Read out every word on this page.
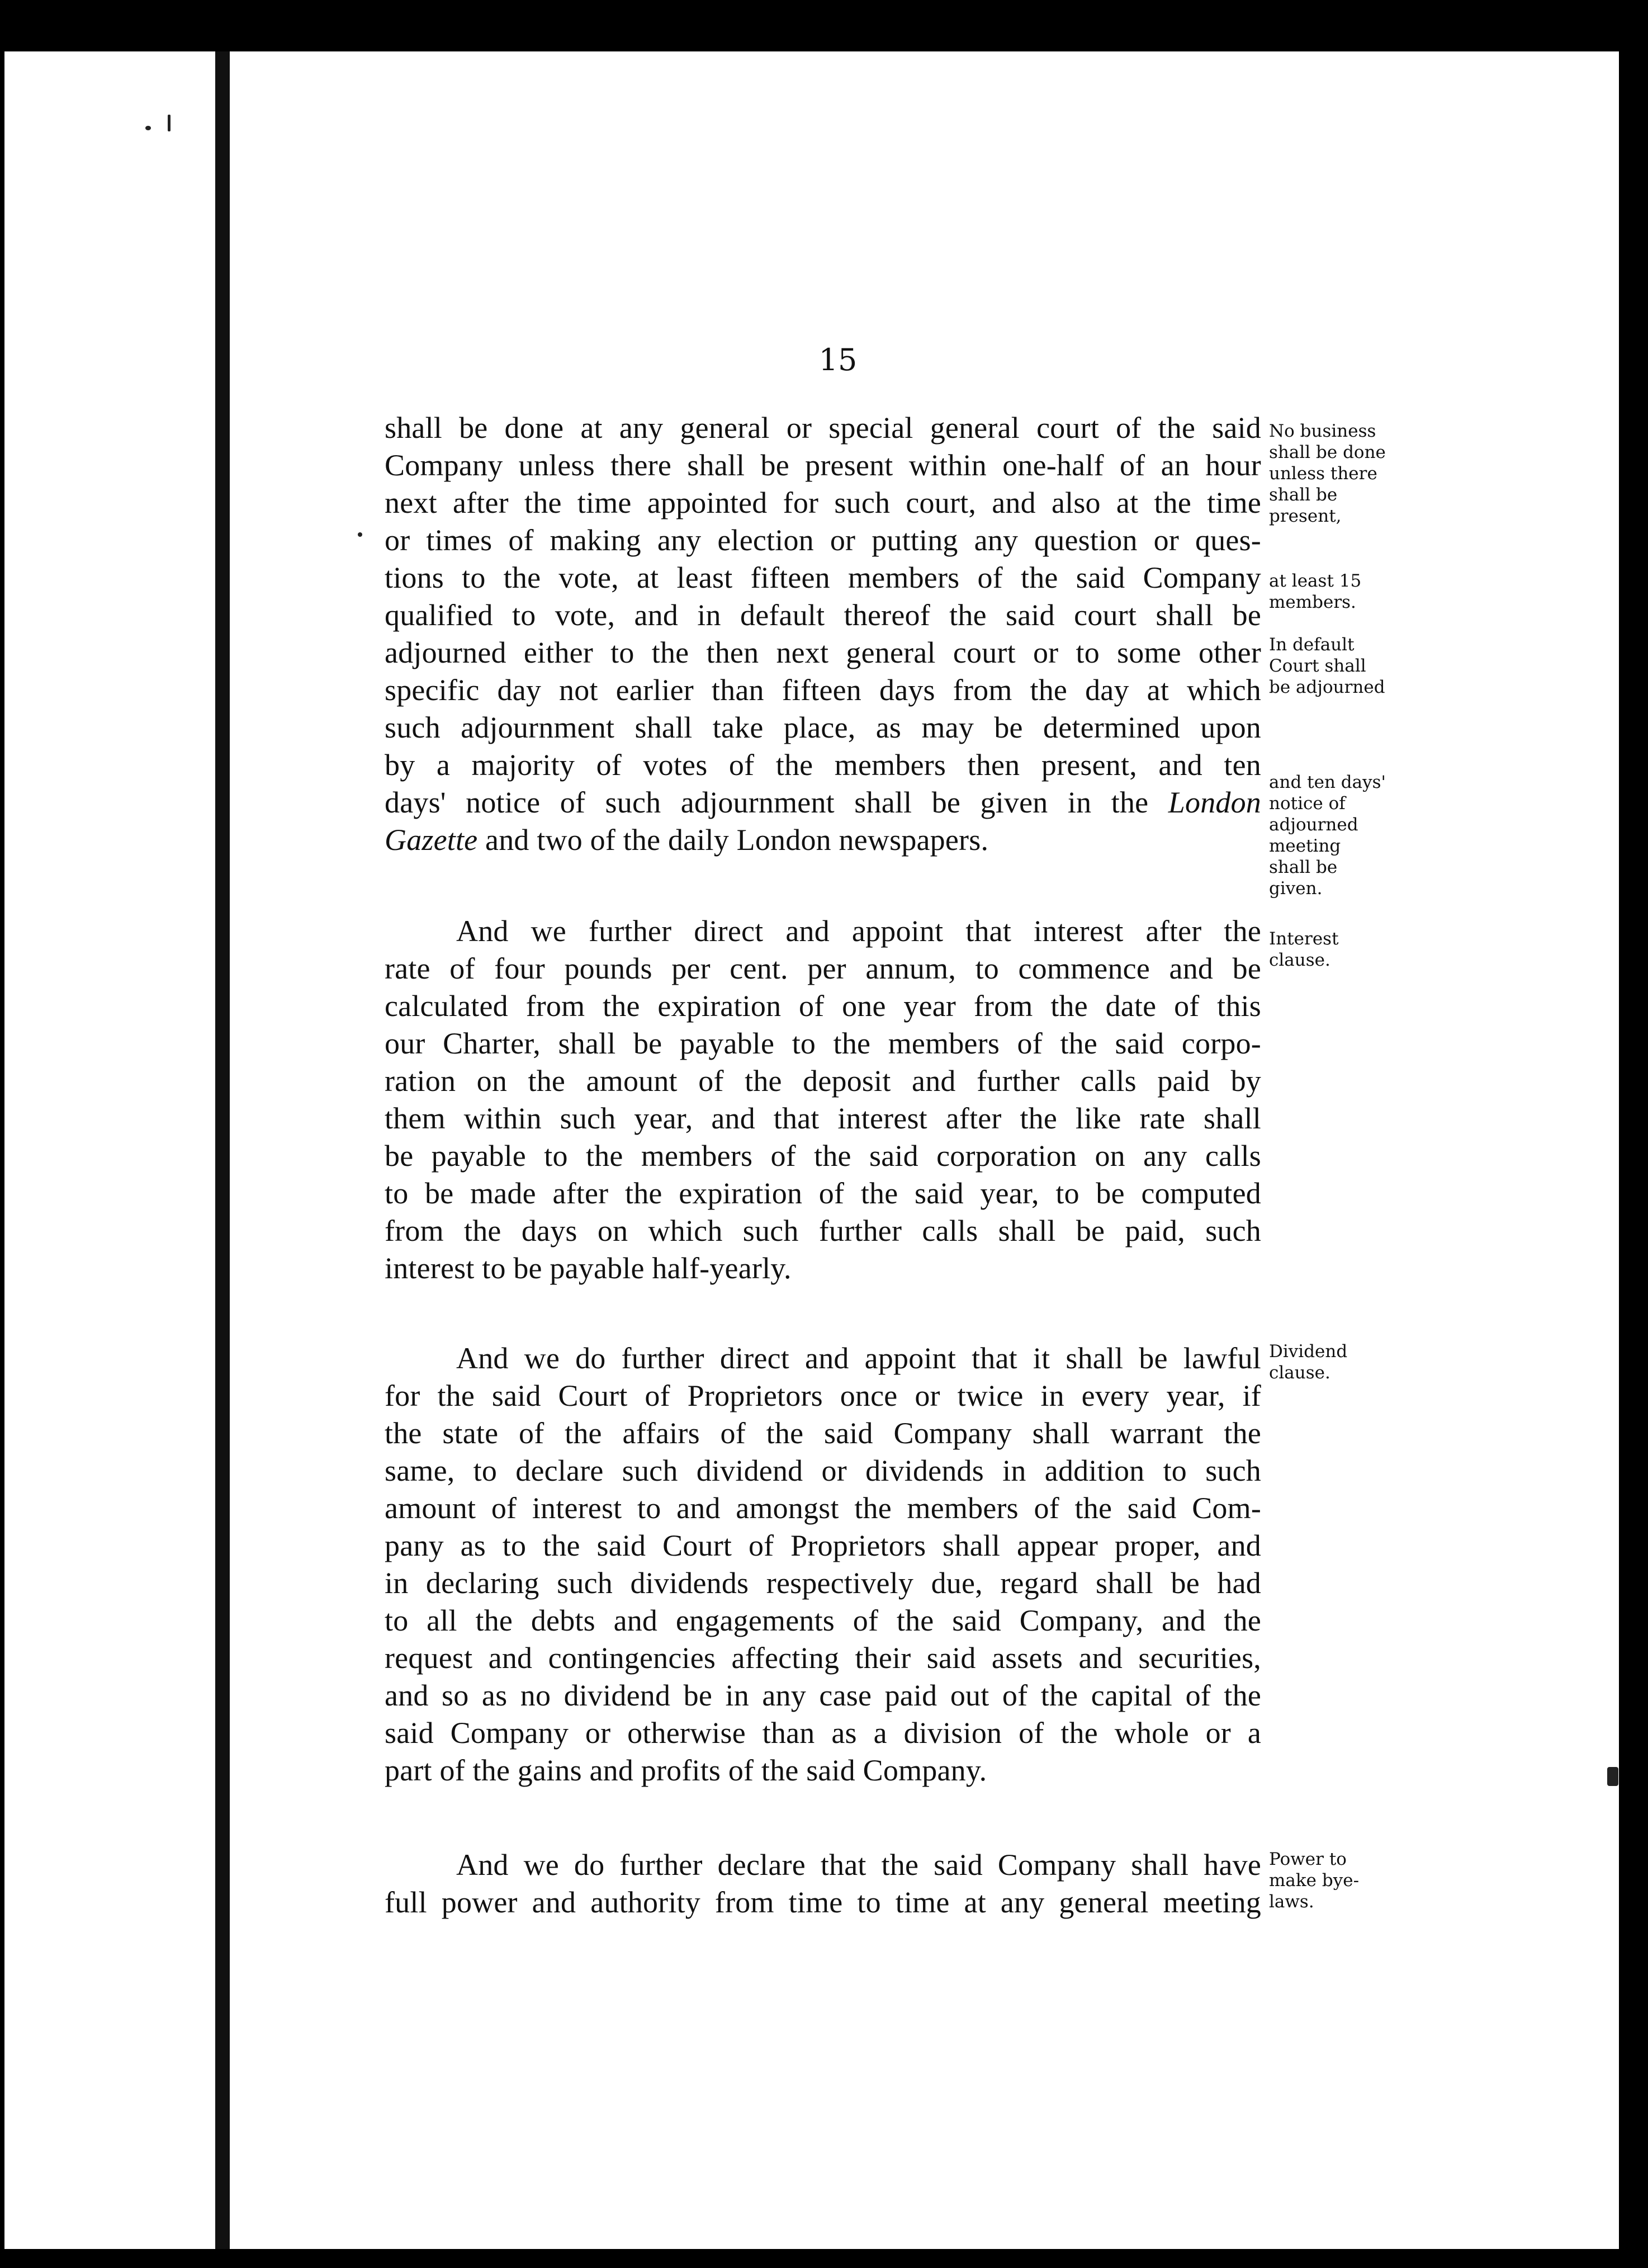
15
shall be done at any general or special general court of the said
Company unless there shall be present within one-half of an hour
next after the time appointed for such court, and also at the time
or times of making any election or putting any question or ques-
tions to the vote, at least fifteen members of the said Company
qualified to vote, and in default thereof the said court shall be
adjourned either to the then next general court or to some other
specific day not earlier than fifteen days from the day at which
such adjournment shall take place, as may be determined upon
by a majority of votes of the members then present, and ten
days' notice of such adjournment shall be given in the London
Gazette and two of the daily London newspapers.
And we further direct and appoint that interest after the
rate of four pounds per cent. per annum, to commence and be
calculated from the expiration of one year from the date of this
our Charter, shall be payable to the members of the said corpo-
ration on the amount of the deposit and further calls paid by
them within such year, and that interest after the like rate shall
be payable to the members of the said corporation on any calls
to be made after the expiration of the said year, to be computed
from the days on which such further calls shall be paid, such
interest to be payable half-yearly.
And we do further direct and appoint that it shall be lawful
for the said Court of Proprietors once or twice in every year, if
the state of the affairs of the said Company shall warrant the
same, to declare such dividend or dividends in addition to such
amount of interest to and amongst the members of the said Com-
pany as to the said Court of Proprietors shall appear proper, and
in declaring such dividends respectively due, regard shall be had
to all the debts and engagements of the said Company, and the
request and contingencies affecting their said assets and securities,
and so as no dividend be in any case paid out of the capital of the
said Company or otherwise than as a division of the whole or a
part of the gains and profits of the said Company.
And we do further declare that the said Company shall have
full power and authority from time to time at any general meeting
No business
shall be done
unless there
shall be
present,
at least 15
members.
In default
Court shall
be adjourned
and ten days'
notice of
adjourned
meeting
shall be
given.
Interest
clause.
Dividend
clause.
Power to
make bye-
laws.
